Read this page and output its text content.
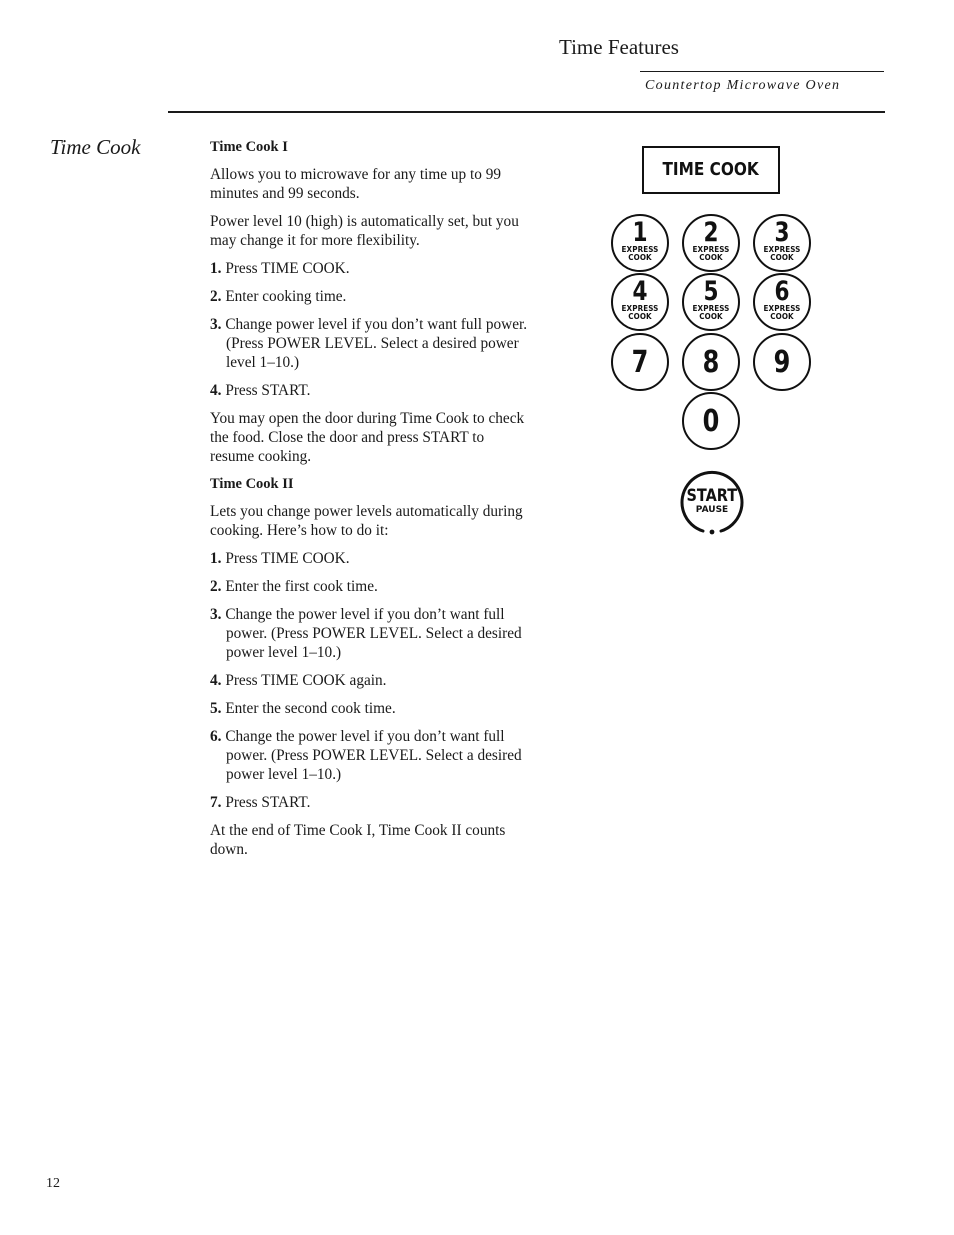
Time Features
Countertop Microwave Oven
Time Cook	Time Cook I

Allows you to microwave for any time up to 99 minutes and 99 seconds.

Power level 10 (high) is automatically set, but you may change it for more flexibility.

1. Press TIME COOK.

2. Enter cooking time.

3. Change power level if you don’t want full power. (Press POWER LEVEL. Select a desired power level 1–10.)

4. Press START.

You may open the door during Time Cook to check the food. Close the door and press START to resume cooking.

Time Cook II

Lets you change power levels automatically during cooking. Here’s how to do it:

1. Press TIME COOK.

2. Enter the first cook time.

3. Change the power level if you don’t want full power. (Press POWER LEVEL. Select a desired power level 1–10.)

4. Press TIME COOK again.

5. Enter the second cook time.

6. Change the power level if you don’t want full power. (Press POWER LEVEL. Select a desired power level 1–10.)

7. Press START.

At the end of Time Cook I, Time Cook II counts down.

TIME COOK
1
EXPRESS
COOK
2
EXPRESS
COOK
3
EXPRESS
COOK
4
EXPRESS
COOK
5
EXPRESS
COOK
6
EXPRESS
COOK
7	8	9
0
START
PAUSE
12
